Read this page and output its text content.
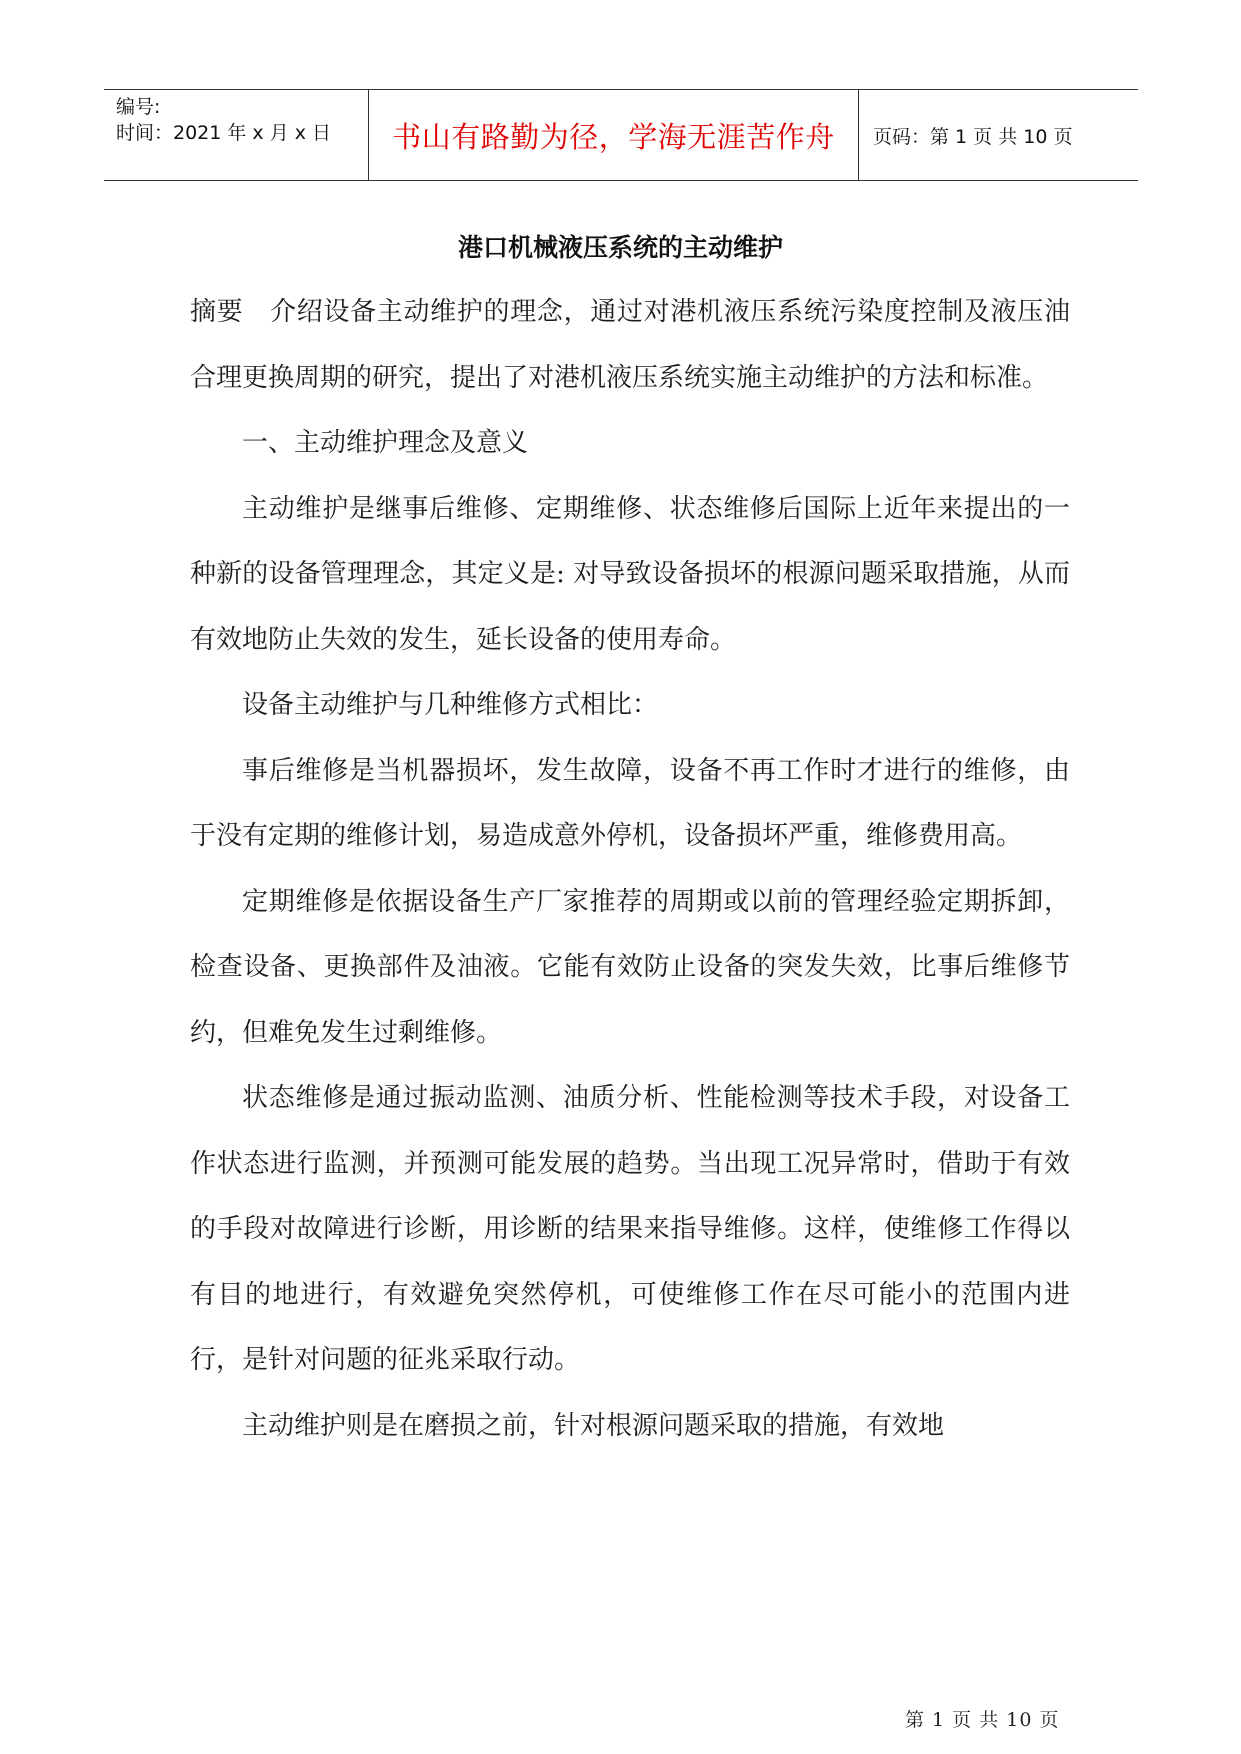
编号:
时间：2021 年 x 月 x 日	书山有路勤为径，学海无涯苦作舟	页码：第 1 页 共 10 页
港口机械液压系统的主动维护

摘要　介绍设备主动维护的理念，通过对港机液压系统污染度控制及液压油合理更换周期的研究，提出了对港机液压系统实施主动维护的方法和标准。

一、主动维护理念及意义

主动维护是继事后维修、定期维修、状态维修后国际上近年来提出的一种新的设备管理理念，其定义是: 对导致设备损坏的根源问题采取措施，从而有效地防止失效的发生，延长设备的使用寿命。

设备主动维护与几种维修方式相比：

事后维修是当机器损坏，发生故障，设备不再工作时才进行的维修，由于没有定期的维修计划，易造成意外停机，设备损坏严重，维修费用高。

定期维修是依据设备生产厂家推荐的周期或以前的管理经验定期拆卸，检查设备、更换部件及油液。它能有效防止设备的突发失效，比事后维修节约，但难免发生过剩维修。

状态维修是通过振动监测、油质分析、性能检测等技术手段，对设备工作状态进行监测，并预测可能发展的趋势。当出现工况异常时，借助于有效的手段对故障进行诊断，用诊断的结果来指导维修。这样，使维修工作得以有目的地进行，有效避免突然停机，可使维修工作在尽可能小的范围内进行，是针对问题的征兆采取行动。

主动维护则是在磨损之前，针对根源问题采取的措施，有效地

第 1 页 共 10 页
